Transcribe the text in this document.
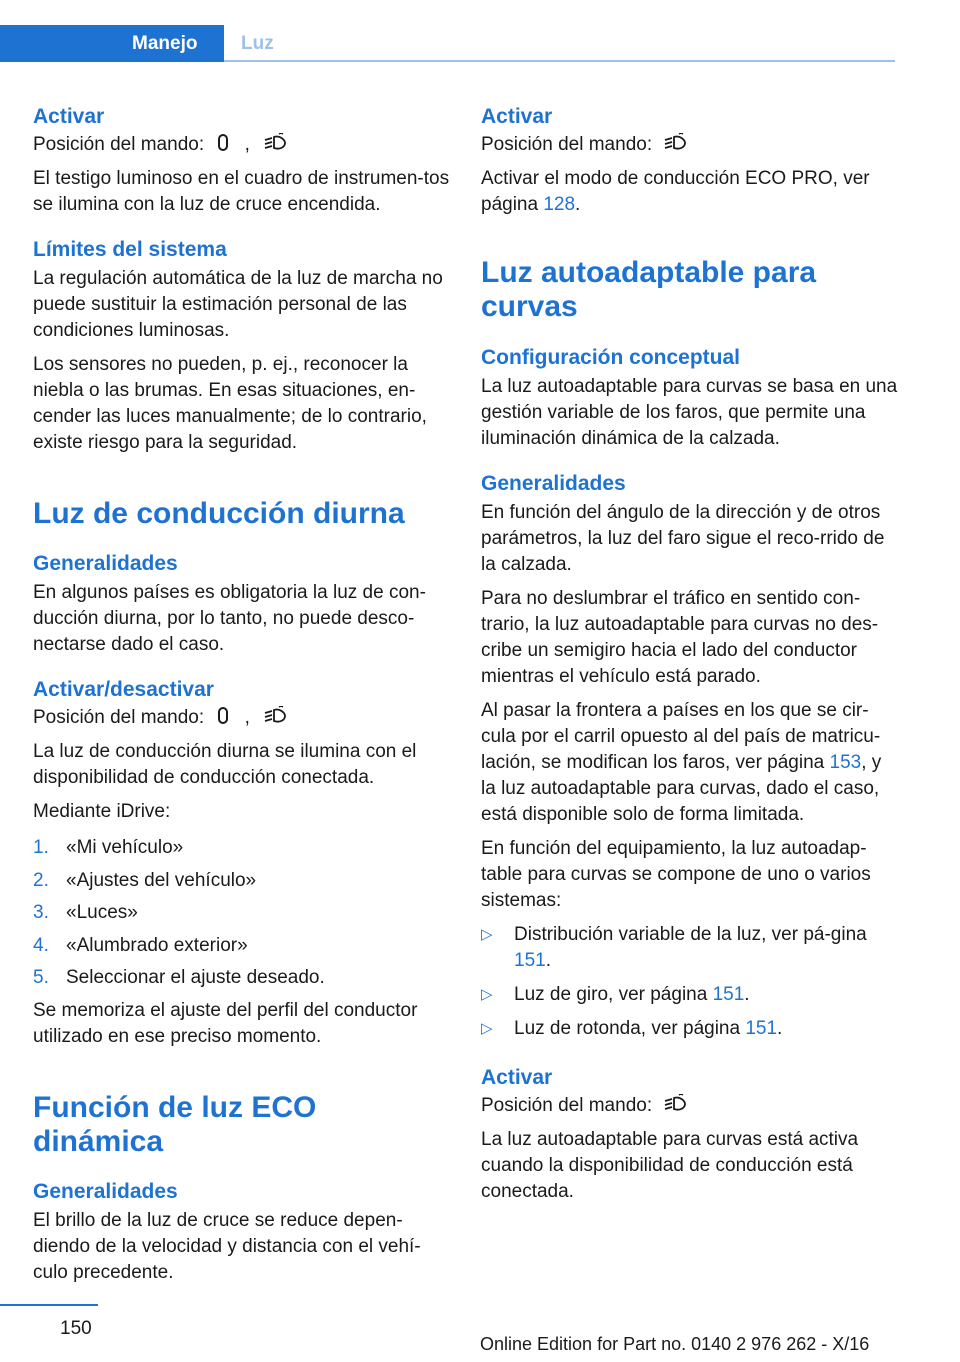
Manejo	Luz
Activar

Posición del mando: ,

El testigo luminoso en el cuadro de instrumen‐tos se ilumina con la luz de cruce encendida.

Límites del sistema

La regulación automática de la luz de marcha no puede sustituir la estimación personal de las condiciones luminosas.

Los sensores no pueden, p. ej., reconocer la niebla o las brumas. En esas situaciones, en‐cender las luces manualmente; de lo contrario, existe riesgo para la seguridad.

Luz de conducción diurna
Generalidades

En algunos países es obligatoria la luz de con‐ducción diurna, por lo tanto, no puede desco‐nectarse dado el caso.

Activar/desactivar

Posición del mando: ,

La luz de conducción diurna se ilumina con el disponibilidad de conducción conectada.

Mediante iDrive:

1. «Mi vehículo»
2. «Ajustes del vehículo»
3. «Luces»
4. «Alumbrado exterior»
5. Seleccionar el ajuste deseado.

Se memoriza el ajuste del perfil del conductor utilizado en ese preciso momento.

Función de luz ECO dinámica
Generalidades

El brillo de la luz de cruce se reduce depen‐diendo de la velocidad y distancia con el vehí‐culo precedente.

Activar

Posición del mando:

Activar el modo de conducción ECO PRO, ver página 128.

Luz autoadaptable para curvas
Configuración conceptual

La luz autoadaptable para curvas se basa en una gestión variable de los faros, que permite una iluminación dinámica de la calzada.

Generalidades

En función del ángulo de la dirección y de otros parámetros, la luz del faro sigue el reco‐rrido de la calzada.

Para no deslumbrar el tráfico en sentido con‐trario, la luz autoadaptable para curvas no des‐cribe un semigiro hacia el lado del conductor mientras el vehículo está parado.

Al pasar la frontera a países en los que se cir‐cula por el carril opuesto al del país de matricu‐lación, se modifican los faros, ver página 153, y la luz autoadaptable para curvas, dado el caso, está disponible solo de forma limitada.

En función del equipamiento, la luz autoadap‐table para curvas se compone de uno o varios sistemas:

▷ Distribución variable de la luz, ver pá‐gina 151.
▷ Luz de giro, ver página 151.
▷ Luz de rotonda, ver página 151.
Activar

Posición del mando:

La luz autoadaptable para curvas está activa cuando la disponibilidad de conducción está conectada.

150
Online Edition for Part no. 0140 2 976 262 - X/16
